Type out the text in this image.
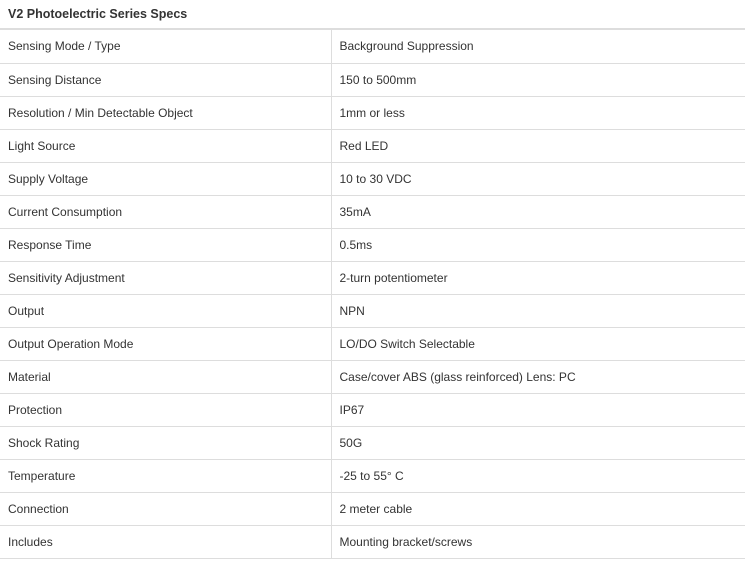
V2 Photoelectric Series Specs
Sensing Mode / Type	Background Suppression
Sensing Distance	150 to 500mm
Resolution / Min Detectable Object	1mm or less
Light Source	Red LED
Supply Voltage	10 to 30 VDC
Current Consumption	35mA
Response Time	0.5ms
Sensitivity Adjustment	2-turn potentiometer
Output	NPN
Output Operation Mode	LO/DO Switch Selectable
Material	Case/cover ABS (glass reinforced) Lens: PC
Protection	IP67
Shock Rating	50G
Temperature	-25 to 55° C
Connection	2 meter cable
Includes	Mounting bracket/screws
